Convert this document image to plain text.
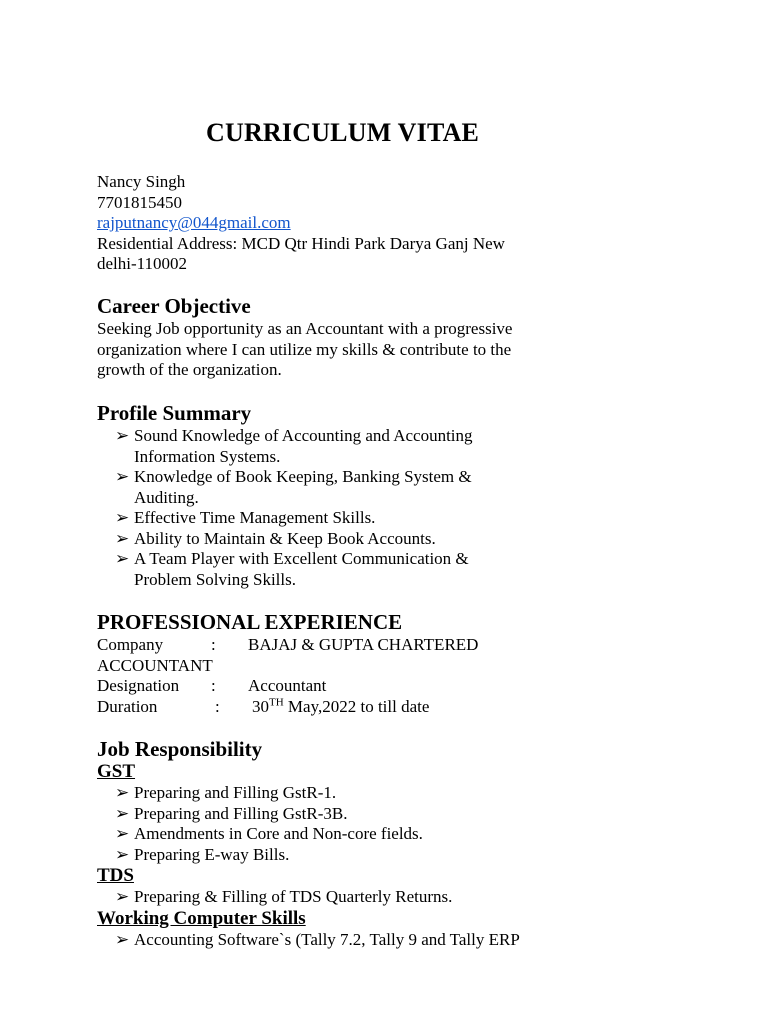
CURRICULUM VITAE
Nancy Singh
7701815450
rajputnancy@044gmail.com
Residential Address: MCD Qtr Hindi Park Darya Ganj New
delhi-110002
Career Objective
Seeking Job opportunity as an Accountant with a progressive
organization where I can utilize my skills & contribute to the
growth of the organization.
Profile Summary
➢ Sound Knowledge of Accounting and Accounting
Information Systems.
➢ Knowledge of Book Keeping, Banking System &
Auditing.
➢ Effective Time Management Skills.
➢ Ability to Maintain & Keep Book Accounts.
➢ A Team Player with Excellent Communication &
Problem Solving Skills.
PROFESSIONAL EXPERIENCE
Company	: BAJAJ & GUPTA CHARTERED
ACCOUNTANT
Designation : Accountant
Duration	: 30TH May,2022 to till date
Job Responsibility
GST
➢ Preparing and Filling GstR-1.
➢ Preparing and Filling GstR-3B.
➢ Amendments in Core and Non-core fields.
➢ Preparing E-way Bills.
TDS
➢ Preparing & Filling of TDS Quarterly Returns.
Working Computer Skills
➢ Accounting Software`s (Tally 7.2, Tally 9 and Tally ERP
